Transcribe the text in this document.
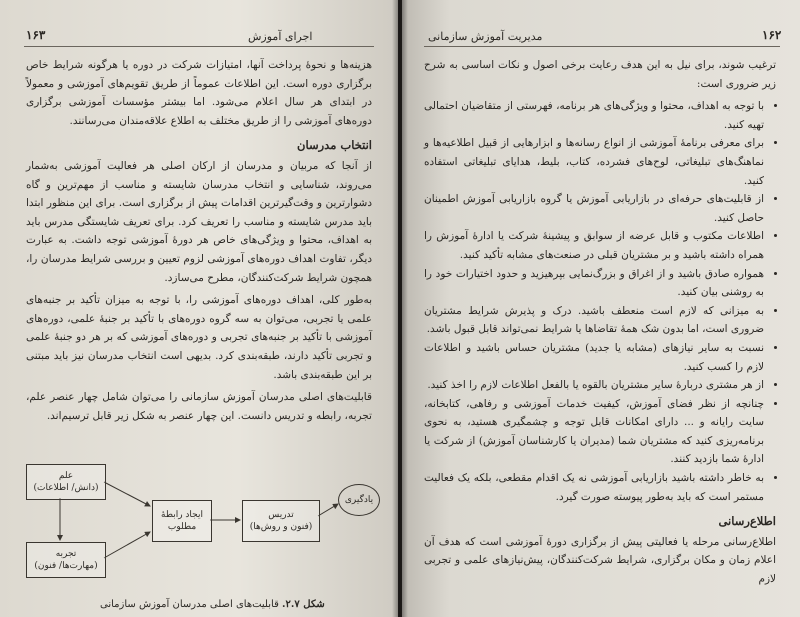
۱۶۳	اجرای آموزش

هزینه‌ها و نحوهٔ پرداخت آنها، امتیازات شرکت در دوره یا هرگونه شرایط خاص برگزاری دوره است. این اطلاعات عموماً از طریق تقویم‌های آموزشی و معمولاً در ابتدای هر سال اعلام می‌شود. اما بیشتر مؤسسات آموزشی برگزاری دوره‌های آموزشی را از طریق مختلف به اطلاع علاقه‌مندان می‌رسانند.

انتخاب مدرسان

از آنجا که مربیان و مدرسان از ارکان اصلی هر فعالیت آموزشی به‌شمار می‌روند، شناسایی و انتخاب مدرسان شایسته و مناسب از مهم‌ترین و گاه دشوارترین و وقت‌گیرترین اقدامات پیش از برگزاری است. برای این منظور ابتدا باید مدرس شایسته و مناسب را تعریف کرد. برای تعریف شایستگی مدرس باید به اهداف، محتوا و ویژگی‌های خاص هر دورهٔ آموزشی توجه داشت. به عبارت دیگر، تفاوت اهداف دوره‌های آموزشی لزوم تعیین و بررسی شرایط مدرسان را، همچون شرایط شرکت‌کنندگان، مطرح می‌سازد.

به‌طور کلی، اهداف دوره‌های آموزشی را، با توجه به میزان تأکید بر جنبه‌های علمی یا تجربی، می‌توان به سه گروه دوره‌های با تأکید بر جنبهٔ علمی، دوره‌های آموزشی با تأکید بر جنبه‌های تجربی و دوره‌های آموزشی که بر هر دو جنبهٔ علمی و تجربی تأکید دارند، طبقه‌بندی کرد. بدیهی است انتخاب مدرسان نیز باید مبتنی بر این طبقه‌بندی باشد.

قابلیت‌های اصلی مدرسان آموزش سازمانی را می‌توان شامل چهار عنصر علم، تجربه، رابطه و تدریس دانست. این چهار عنصر به شکل زیر قابل ترسیم‌اند.

علم
(دانش/ اطلاعات)
تجربه
(مهارت‌ها/ فنون)
ایجاد رابطهٔ
مطلوب
تدریس
(فنون و روش‌ها)
یادگیری
شکل ۲.۷. قابلیت‌های اصلی مدرسان آموزش سازمانی
مدیریت آموزش سازمانی	۱۶۲

ترغیب شوند، برای نیل به این هدف رعایت برخی اصول و نکات اساسی به شرح زیر ضروری است:

• با توجه به اهداف، محتوا و ویژگی‌های هر برنامه، فهرستی از متقاضیان احتمالی تهیه کنید.
• برای معرفی برنامهٔ آموزشی از انواع رسانه‌ها و ابزارهایی از قبیل اطلاعیه‌ها و نماهنگ‌های تبلیغاتی، لوح‌های فشرده، کتاب، بلیط، هدایای تبلیغاتی استفاده کنید.
• از قابلیت‌های حرفه‌ای در بازاریابی آموزش یا گروه بازاریابی آموزش اطمینان حاصل کنید.
• اطلاعات مکتوب و قابل عرضه از سوابق و پیشینهٔ شرکت یا ادارهٔ آموزش را همراه داشته باشید و بر مشتریان قبلی در صنعت‌های مشابه تأکید کنید.
• همواره صادق باشید و از اغراق و بزرگ‌نمایی بپرهیزید و حدود اختیارات خود را به روشنی بیان کنید.
• به میزانی که لازم است منعطف باشید. درک و پذیرش شرایط مشتریان ضروری است، اما بدون شک همهٔ تقاضاها یا شرایط نمی‌تواند قابل قبول باشد.
• نسبت به سایر نیازهای (مشابه یا جدید) مشتریان حساس باشید و اطلاعات لازم را کسب کنید.
• از هر مشتری دربارهٔ سایر مشتریان بالقوه یا بالفعل اطلاعات لازم را اخذ کنید.
• چنانچه از نظر فضای آموزش، کیفیت خدمات آموزشی و رفاهی، کتابخانه، سایت رایانه و ... دارای امکانات قابل توجه و چشمگیری هستید، به نحوی برنامه‌ریزی کنید که مشتریان شما (مدیران یا کارشناسان آموزش) از شرکت یا ادارهٔ شما بازدید کنند.
• به خاطر داشته باشید بازاریابی آموزشی نه یک اقدام مقطعی، بلکه یک فعالیت مستمر است که باید به‌طور پیوسته صورت گیرد.
اطلاع‌رسانی

اطلاع‌رسانی مرحله یا فعالیتی پیش از برگزاری دورهٔ آموزشی است که هدف آن اعلام زمان و مکان برگزاری، شرایط شرکت‌کنندگان، پیش‌نیازهای علمی و تجربی لازم
